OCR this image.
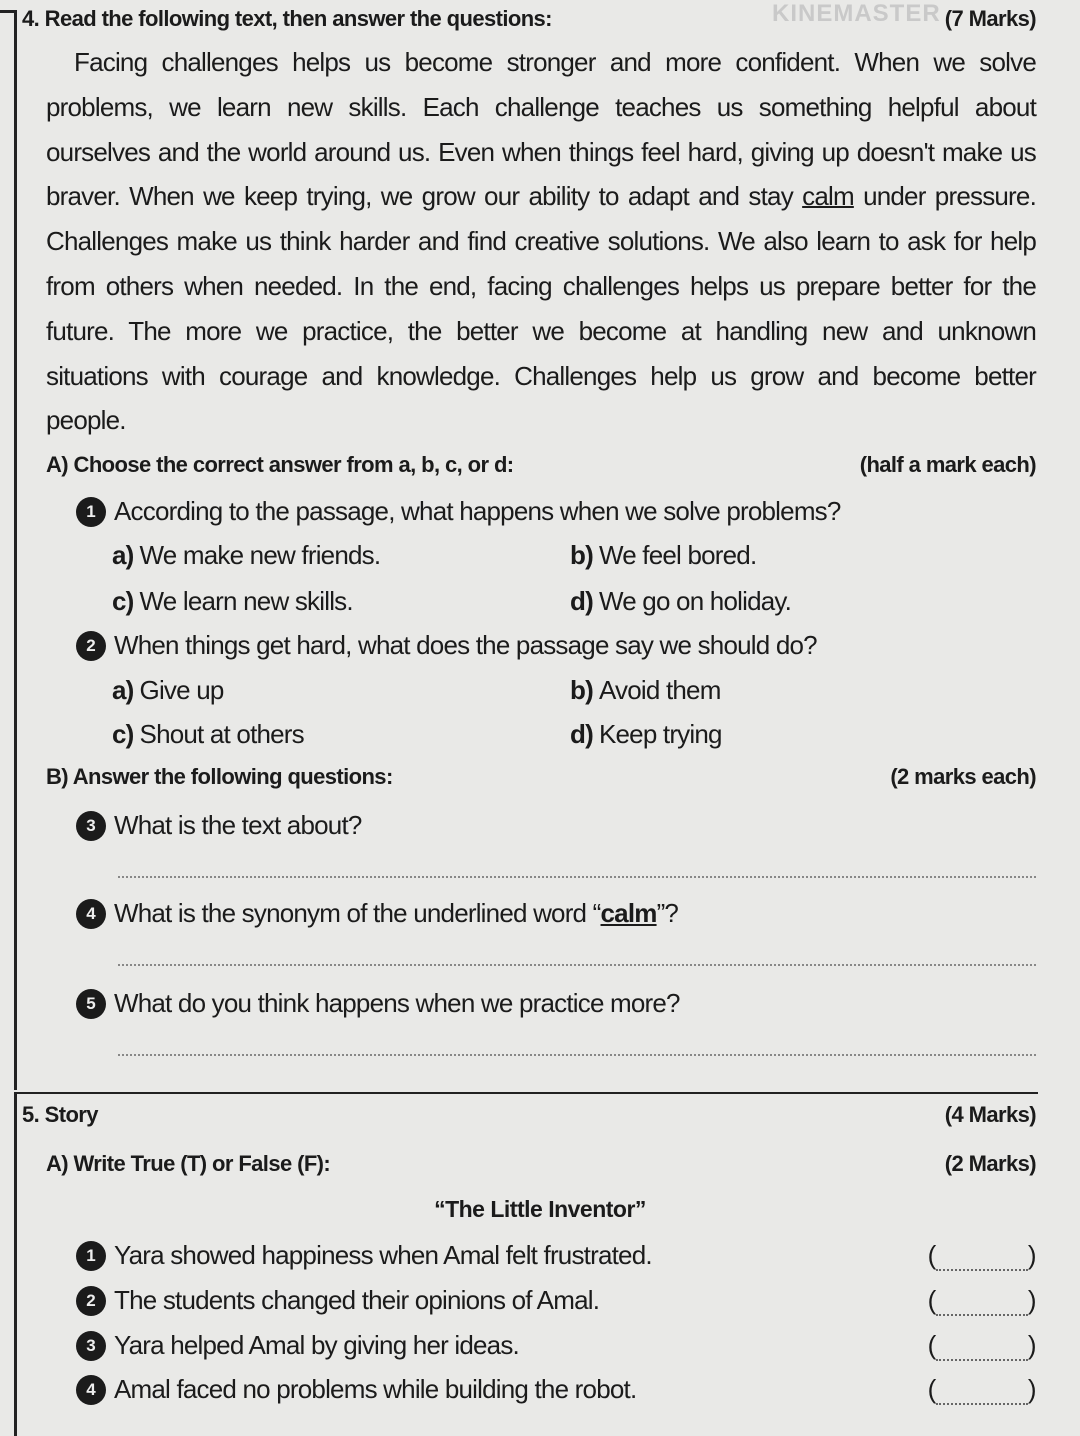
4. Read the following text, then answer the questions:	KINEMASTER (7 Marks)
Facing challenges helps us become stronger and more confident. When we solve problems, we learn new skills. Each challenge teaches us something helpful about ourselves and the world around us. Even when things feel hard, giving up doesn't make us braver. When we keep trying, we grow our ability to adapt and stay calm under pressure. Challenges make us think harder and find creative solutions. We also learn to ask for help from others when needed. In the end, facing challenges helps us prepare better for the future. The more we practice, the better we become at handling new and unknown situations with courage and knowledge. Challenges help us grow and become better people.
A) Choose the correct answer from a, b, c, or d:	(half a mark each)
1 According to the passage, what happens when we solve problems?
a) We make new friends.	b) We feel bored.
c) We learn new skills.	d) We go on holiday.
2 When things get hard, what does the passage say we should do?
a) Give up	b) Avoid them
c) Shout at others	d) Keep trying
B) Answer the following questions:	(2 marks each)
3 What is the text about?
4 What is the synonym of the underlined word “calm”?
5 What do you think happens when we practice more?
5. Story	(4 Marks)
A) Write True (T) or False (F):	(2 Marks)
“The Little Inventor”
1 Yara showed happiness when Amal felt frustrated.	(	)
2 The students changed their opinions of Amal.	(	)
3 Yara helped Amal by giving her ideas.	(	)
4 Amal faced no problems while building the robot.	(	)
